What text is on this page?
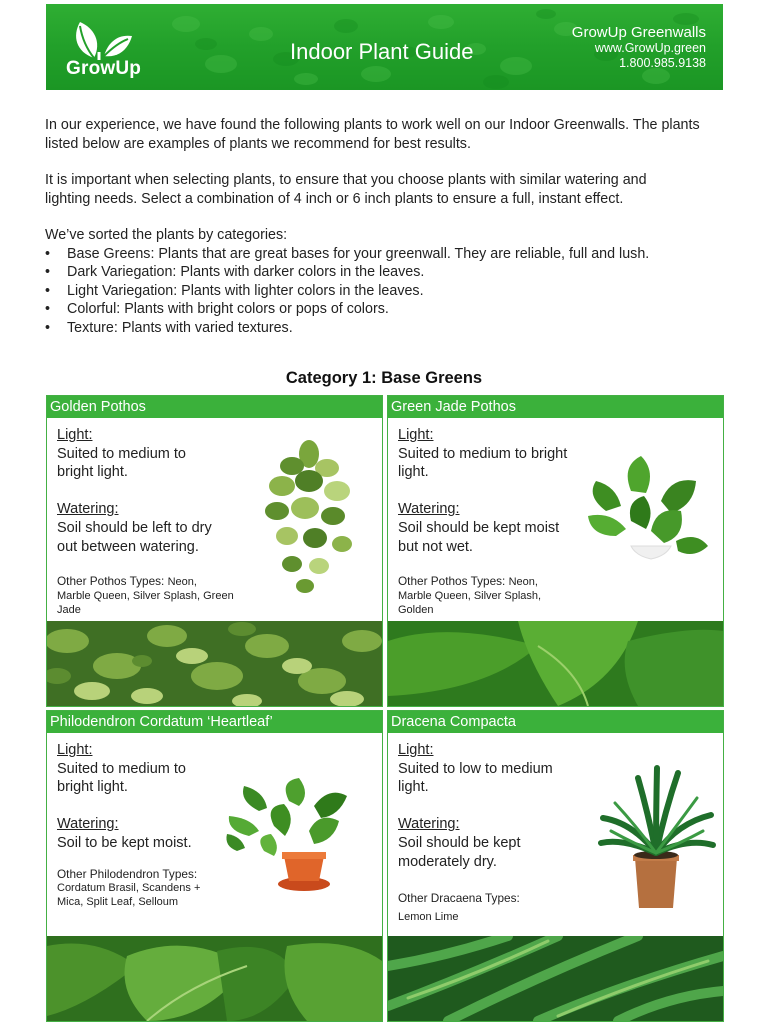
GrowUp
Indoor Plant Guide
GrowUp Greenwalls
www.GrowUp.green
1.800.985.9138

In our experience, we have found the following plants to work well on our Indoor Greenwalls. The plants listed below are examples of plants we recommend for best results.

It is important when selecting plants, to ensure that you choose plants with similar watering and lighting needs. Select a combination of 4 inch or 6 inch plants to ensure a full, instant effect.

We’ve sorted the plants by categories:

• Base Greens: Plants that are great bases for your greenwall. They are reliable, full and lush.
• Dark Variegation: Plants with darker colors in the leaves.
• Light Variegation: Plants with lighter colors in the leaves.
• Colorful: Plants with bright colors or pops of colors.
• Texture: Plants with varied textures.
Category 1: Base Greens
Golden Pothos
Light:
Suited to medium to
bright light.
Watering:
Soil should be left to dry
out between watering.
Other Pothos Types: Neon,
Marble Queen, Silver Splash, Green
Jade
Green Jade Pothos
Light:
Suited to medium to bright
light.
Watering:
Soil should be kept moist
but not wet.
Other Pothos Types: Neon,
Marble Queen, Silver Splash,
Golden
Philodendron Cordatum ‘Heartleaf’
Light:
Suited to medium to
bright light.
Watering:
Soil to be kept moist.
Other Philodendron Types:
Cordatum Brasil, Scandens +
Mica, Split Leaf, Selloum
Dracena Compacta
Light:
Suited to low to medium
light.
Watering:
Soil should be kept
moderately dry.
Other Dracaena Types:
Lemon Lime
